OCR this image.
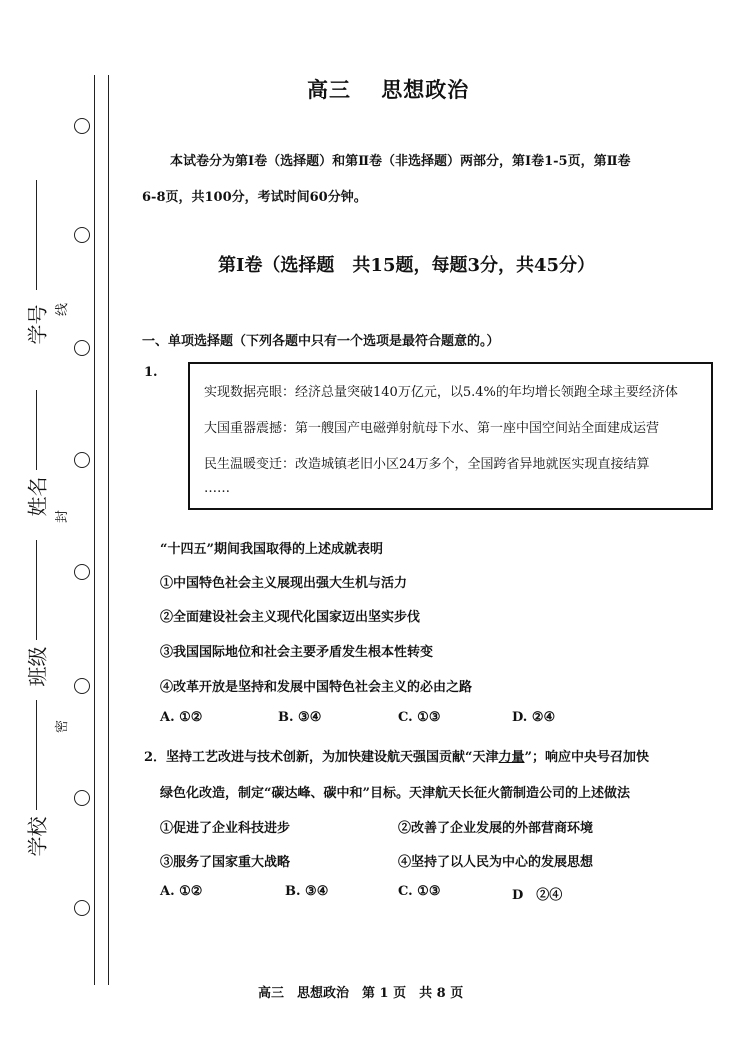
学号
姓名
班级
学校
线
封
密
高三　 思想政治
本试卷分为第Ⅰ卷（选择题）和第Ⅱ卷（非选择题）两部分，第Ⅰ卷1-5页，第Ⅱ卷
6-8页，共100分，考试时间60分钟。
第Ⅰ卷（选择题　共15题，每题3分，共45分）
一、单项选择题（下列各题中只有一个选项是最符合题意的。）
1.
实现数据亮眼：经济总量突破140万亿元，以5.4%的年均增长领跑全球主要经济体
大国重器震撼：第一艘国产电磁弹射航母下水、第一座中国空间站全面建成运营
民生温暖变迁：改造城镇老旧小区24万多个，全国跨省异地就医实现直接结算
……
“十四五”期间我国取得的上述成就表明
①中国特色社会主义展现出强大生机与活力
②全面建设社会主义现代化国家迈出坚实步伐
③我国国际地位和社会主要矛盾发生根本性转变
④改革开放是坚持和发展中国特色社会主义的必由之路
A. ①②	B. ③④	C. ①③	D. ②④
2．坚持工艺改进与技术创新，为加快建设航天强国贡献“天津力量”；响应中央号召加快
绿色化改造，制定“碳达峰、碳中和”目标。天津航天长征火箭制造公司的上述做法
①促进了企业科技进步	②改善了企业发展的外部营商环境
③服务了国家重大战略	④坚持了以人民为中心的发展思想
A. ①②	B. ③④	C. ①③	D　②④
高三　思想政治　第 1 页　共 8 页
